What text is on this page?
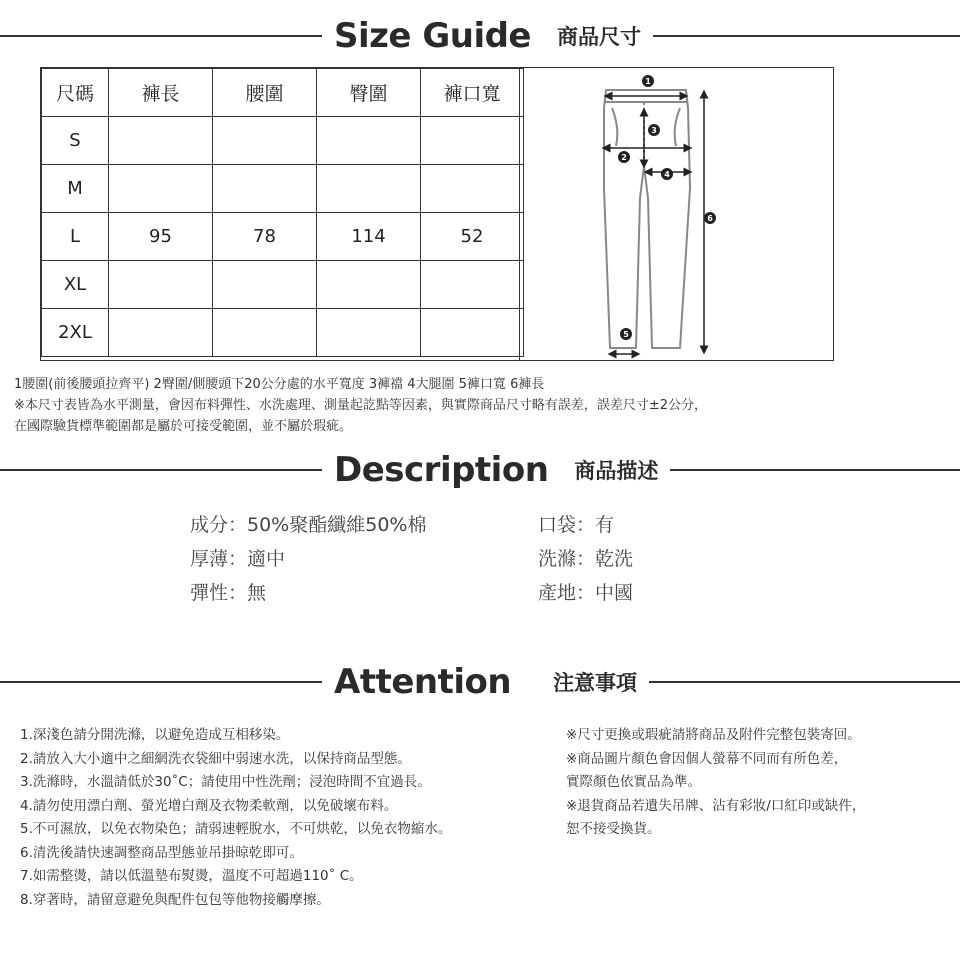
Size Guide	商品尺寸
尺碼	褲長	腰圍	臀圍	褲口寬
S				
M				
L	95	78	114	52
XL				
2XL				
1
2
3
4
5
6
1腰圍(前後腰頭拉齊平) 2臀圍/側腰頭下20公分處的水平寬度 3褲襠 4大腿圍 5褲口寬 6褲長
※本尺寸表皆為水平測量，會因布料彈性、水洗處理、測量起訖點等因素，與實際商品尺寸略有誤差，誤差尺寸±2公分，
在國際驗貨標準範圍都是屬於可接受範圍，並不屬於瑕疵。
Description	商品描述
成分：50%聚酯纖維50%棉
厚薄：適中
彈性：無
口袋：有
洗滌：乾洗
產地：中國
Attention	注意事項
1.深淺色請分開洗滌，以避免造成互相移染。
2.請放入大小適中之細網洗衣袋細中弱速水洗，以保持商品型態。
3.洗滌時，水溫請低於30˚C；請使用中性洗劑；浸泡時間不宜過長。
4.請勿使用漂白劑、螢光增白劑及衣物柔軟劑，以免破壞布料。
5.不可濕放，以免衣物染色；請弱速輕脫水，不可烘乾，以免衣物縮水。
6.清洗後請快速調整商品型態並吊掛晾乾即可。
7.如需整燙，請以低溫墊布熨燙，溫度不可超過110˚ C。
8.穿著時，請留意避免與配件包包等他物接觸摩擦。
※尺寸更換或瑕疵請將商品及附件完整包裝寄回。
※商品圖片顏色會因個人螢幕不同而有所色差，
實際顏色依實品為準。
※退貨商品若遺失吊牌、沾有彩妝/口紅印或缺件，
恕不接受換貨。
